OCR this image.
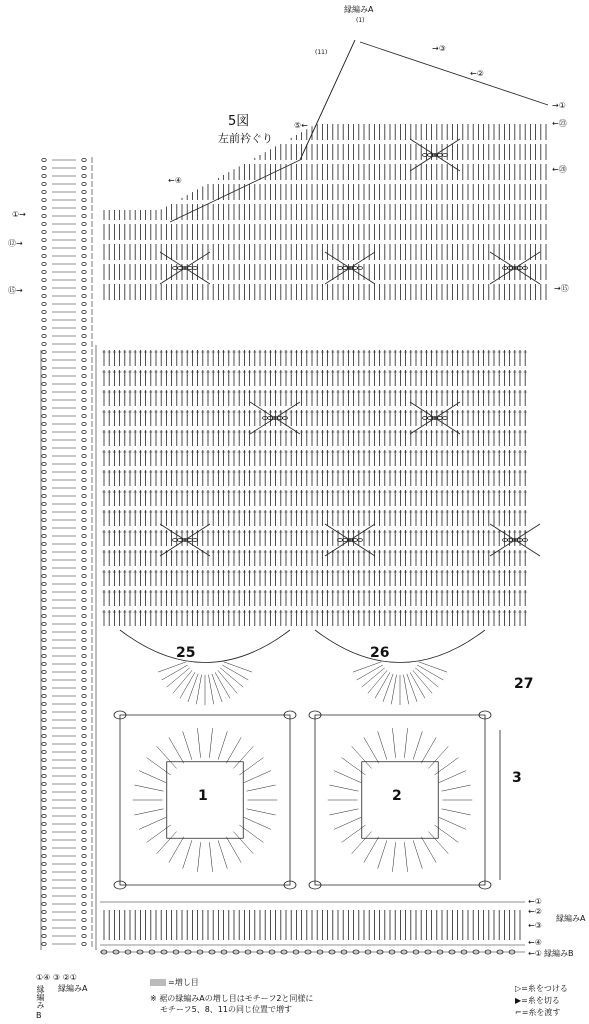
縁編みA
(1)
(11)	→③
←②
→①
⑤←	←㉓
←⑳
←④
→⑮
5図
左前衿ぐり
①→
⑫→
⑮→
25	26
27
1	2
3
←①
←②
←③
←④
←①
縁編みA
縁編みB
①④ ③ ②①
縁編みA
縁編み
B
=増し目
※ 裾の縁編みAの増し目はモチーフ2と同様に
モチーフ5、8、11の同じ位置で増す
▷=糸をつける
▶=糸を切る
⌐=糸を渡す
